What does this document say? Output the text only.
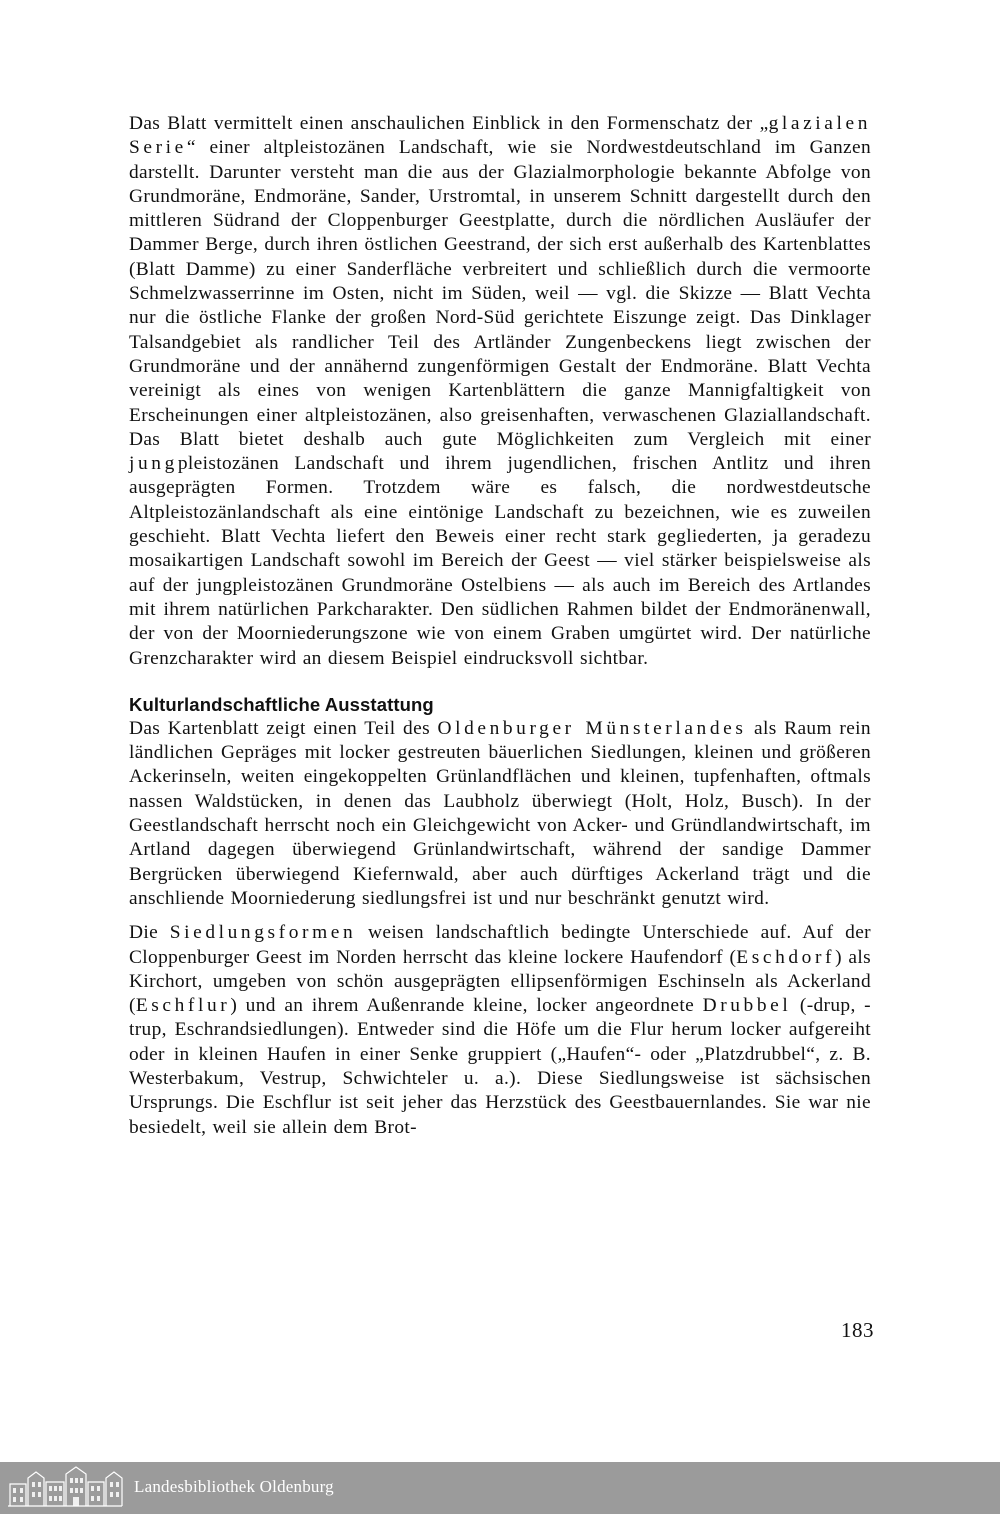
Das Blatt vermittelt einen anschaulichen Einblick in den Formenschatz der „glazialen Serie“ einer altpleistozänen Landschaft, wie sie Nordwestdeutschland im Ganzen darstellt. Darunter versteht man die aus der Glazialmorphologie bekannte Abfolge von Grundmoräne, Endmoräne, Sander, Urstromtal, in unserem Schnitt dargestellt durch den mittleren Südrand der Cloppenburger Geestplatte, durch die nördlichen Ausläufer der Dammer Berge, durch ihren östlichen Geestrand, der sich erst außerhalb des Kartenblattes (Blatt Damme) zu einer Sanderfläche verbreitert und schließlich durch die vermoorte Schmelzwasserrinne im Osten, nicht im Süden, weil — vgl. die Skizze — Blatt Vechta nur die östliche Flanke der großen Nord-Süd gerichtete Eiszunge zeigt. Das Dinklager Talsandgebiet als randlicher Teil des Artländer Zungenbeckens liegt zwischen der Grundmoräne und der annähernd zungenförmigen Gestalt der Endmoräne. Blatt Vechta vereinigt als eines von wenigen Kartenblättern die ganze Mannigfaltigkeit von Erscheinungen einer altpleistozänen, also greisenhaften, verwaschenen Glaziallandschaft. Das Blatt bietet deshalb auch gute Möglichkeiten zum Vergleich mit einer jungpleistozänen Landschaft und ihrem jugendlichen, frischen Antlitz und ihren ausgeprägten Formen. Trotzdem wäre es falsch, die nordwestdeutsche Altpleistozänlandschaft als eine eintönige Landschaft zu bezeichnen, wie es zuweilen geschieht. Blatt Vechta liefert den Beweis einer recht stark gegliederten, ja geradezu mosaikartigen Landschaft sowohl im Bereich der Geest — viel stärker beispielsweise als auf der jungpleistozänen Grundmoräne Ostelbiens — als auch im Bereich des Artlandes mit ihrem natürlichen Parkcharakter. Den südlichen Rahmen bildet der Endmoränenwall, der von der Moorniederungszone wie von einem Graben umgürtet wird. Der natürliche Grenzcharakter wird an diesem Beispiel eindrucksvoll sichtbar.

Kulturlandschaftliche Ausstattung

Das Kartenblatt zeigt einen Teil des Oldenburger Münsterlandes als Raum rein ländlichen Gepräges mit locker gestreuten bäuerlichen Siedlungen, kleinen und größeren Ackerinseln, weiten eingekoppelten Grünlandflächen und kleinen, tupfenhaften, oftmals nassen Waldstücken, in denen das Laubholz überwiegt (Holt, Holz, Busch). In der Geestlandschaft herrscht noch ein Gleichgewicht von Acker- und Gründlandwirtschaft, im Artland dagegen überwiegend Grünlandwirtschaft, während der sandige Dammer Bergrücken überwiegend Kiefernwald, aber auch dürftiges Ackerland trägt und die anschliende Moorniederung siedlungsfrei ist und nur beschränkt genutzt wird.

Die Siedlungsformen weisen landschaftlich bedingte Unterschiede auf. Auf der Cloppenburger Geest im Norden herrscht das kleine lockere Haufendorf (Eschdorf) als Kirchort, umgeben von schön ausgeprägten ellipsenförmigen Eschinseln als Ackerland (Eschflur) und an ihrem Außenrande kleine, locker angeordnete Drubbel (-drup, -trup, Eschrandsiedlungen). Entweder sind die Höfe um die Flur herum locker aufgereiht oder in kleinen Haufen in einer Senke gruppiert („Haufen“- oder „Platzdrubbel“, z. B. Westerbakum, Vestrup, Schwichteler u. a.). Diese Siedlungsweise ist sächsischen Ursprungs. Die Eschflur ist seit jeher das Herzstück des Geestbauernlandes. Sie war nie besiedelt, weil sie allein dem Brot-

183
Landesbibliothek Oldenburg
